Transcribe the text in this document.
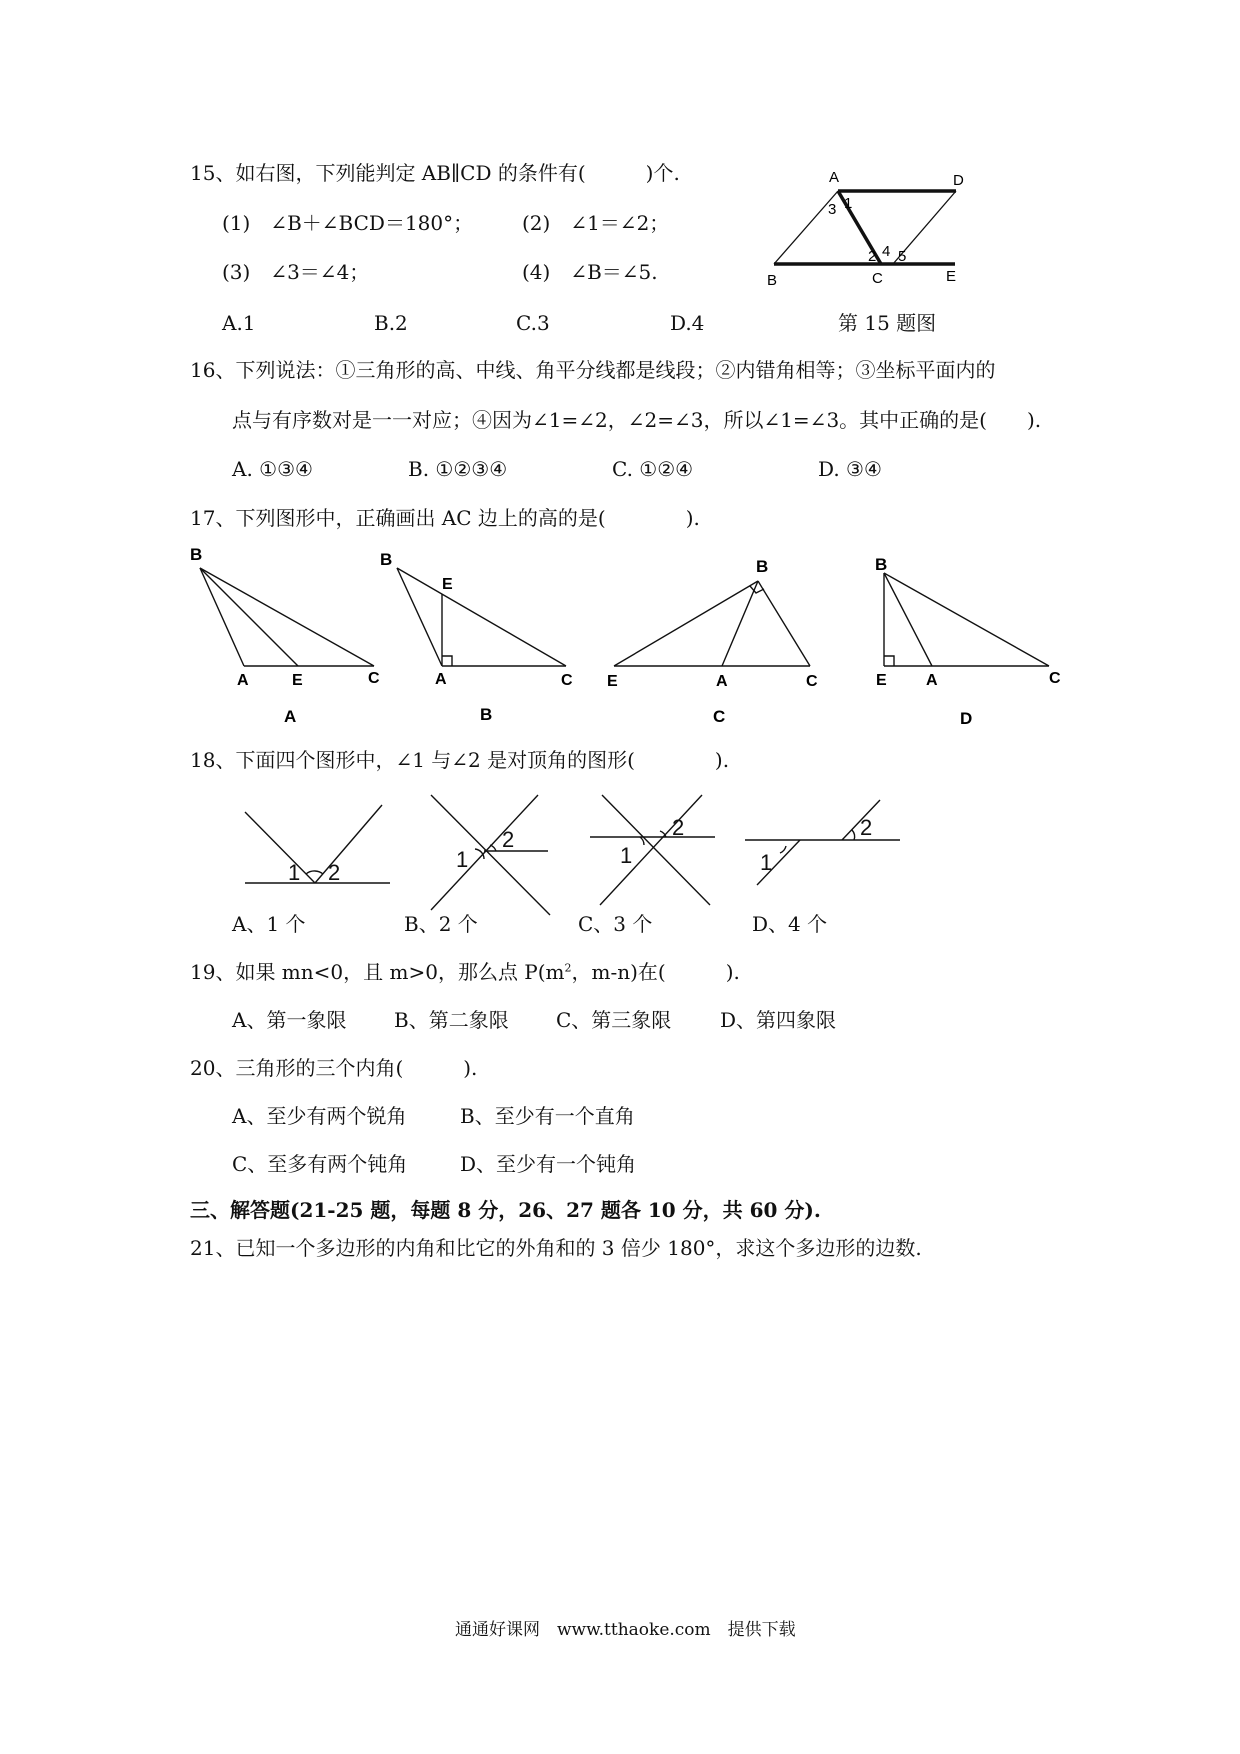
15、如右图，下列能判定 AB∥CD 的条件有(　　　)个.
(1)　∠B＋∠BCD＝180°； (2)　∠1＝∠2；
(3)　∠3＝∠4；	(4)　∠B＝∠5.
A.1	B.2	C.3	D.4	第 15 题图
A	D
B	C	E
1
3
2 4 5
16、下列说法：①三角形的高、中线、角平分线都是线段；②内错角相等；③坐标平面内的
点与有序数对是一一对应；④因为∠1=∠2，∠2=∠3，所以∠1=∠3。其中正确的是(　　).
A. ①③④	B. ①②③④	C. ①②④	D. ③④
17、下列图形中，正确画出 AC 边上的高的是(　　　　).
B
A	E	C
A
B
E
A	C
B
B
E	A	C
C
B
E A	C
D
18、下面四个图形中，∠1 与∠2 是对顶角的图形(　　　　).
1 2
1
2
1
2
1
2
A、1 个	B、2 个	C、3 个	D、4 个
19、如果 mn<0，且 m>0，那么点 $P(m^2$，m-n)在(　　　).
A、第一象限 B、第二象限 C、第三象限 D、第四象限
20、三角形的三个内角(　　　).
A、至少有两个锐角	B、至少有一个直角
C、至多有两个钝角	D、至少有一个钝角
三、解答题(21-25 题，每题 8 分，26、27 题各 10 分，共 60 分).
21、已知一个多边形的内角和比它的外角和的 3 倍少 180°，求这个多边形的边数.
通通好课网　www.tthaoke.com　提供下载
